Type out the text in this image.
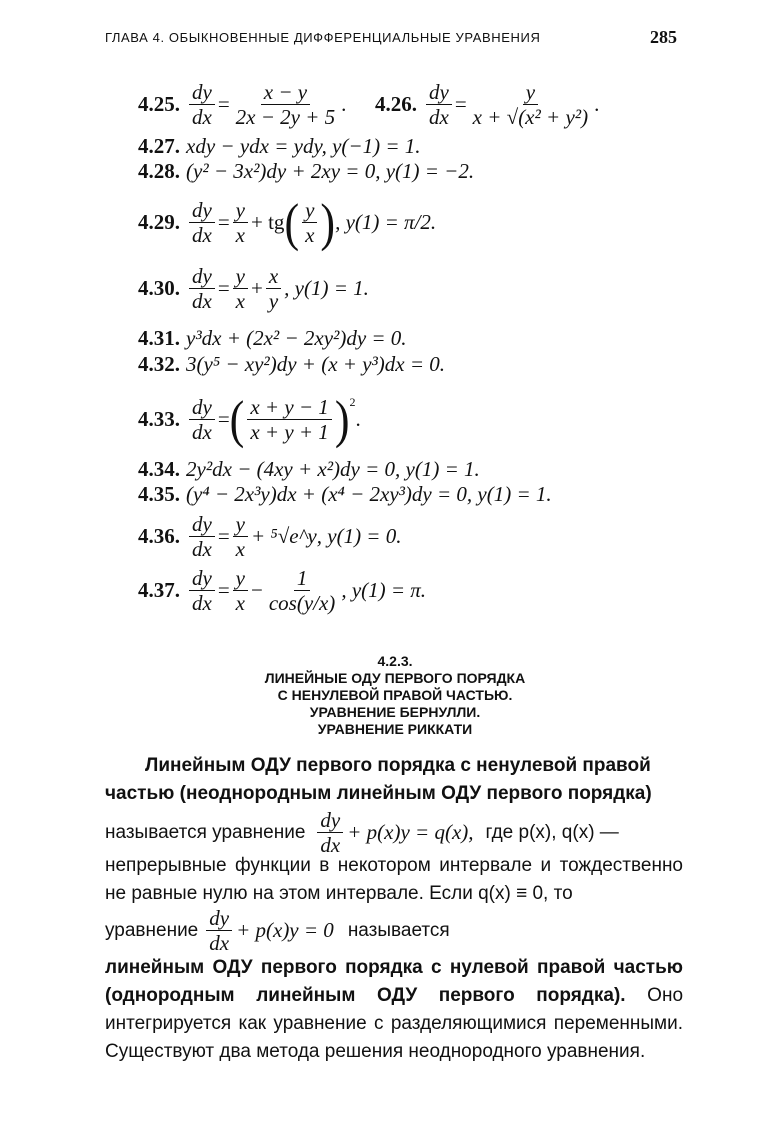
ГЛАВА 4. ОБЫКНОВЕННЫЕ ДИФФЕРЕНЦИАЛЬНЫЕ УРАВНЕНИЯ	285
4.25. $\frac{dy}{dx} = \frac{x - y}{2x - 2y + 5}$ . 4.26. $\frac{dy}{dx} = \frac{y}{\text{x + √(x² + y²)}}$ .
4.27. xdy − ydx = ydy, y(−1) = 1.
4.28. (y² − 3x²)dy + 2xy = 0, y(1) = −2.
4.29. $\frac{dy}{dx} = \frac{y}{x}$ + tg ( $\frac{y}{x}$ ) , y(1) = π/2.
4.30. $\frac{dy}{dx} = \frac{y}{x} + \frac{x}{y}$ , y(1) = 1.
4.31. y³dx + (2x² − 2xy²)dy = 0.
4.32. 3(y⁵ − xy²)dy + (x + y³)dx = 0.
4.33. $\frac{dy}{dx}$ = ( $\frac{x + y - 1}{x + y + 1} )^2$
.
4.34. 2y²dx − (4xy + x²)dy = 0, y(1) = 1.
4.35. (y⁴ − 2x³y)dx + (x⁴ − 2xy³)dy = 0, y(1) = 1.
4.36. $\frac{dy}{dx} = \frac{y}{x}$ + ⁵√e^y , y(1) = 0.
4.37. $\frac{dy}{dx} = \frac{y}{x} - \frac{1}{\cos(y/x)}$ , y(1) = π.
4.2.3.
ЛИНЕЙНЫЕ ОДУ ПЕРВОГО ПОРЯДКА
С НЕНУЛЕВОЙ ПРАВОЙ ЧАСТЬЮ.
УРАВНЕНИЕ БЕРНУЛЛИ.
УРАВНЕНИЕ РИККАТИ
Линейным ОДУ первого порядка с ненулевой правой частью (неоднородным линейным ОДУ первого порядка)
называется уравнение $\frac{dy}{dx} + p(x)y = q(x)$, где p(x), q(x) —
непрерывные функции в некотором интервале и тождественно не равные нулю на этом интервале. Если q(x) ≡ 0, то
уравнение $\frac{dy}{dx} + p(x)y = 0$ называется
линейным ОДУ первого порядка с нулевой правой частью (однородным линейным ОДУ первого порядка). Оно интегрируется как уравнение с разделяющимися переменными. Существуют два метода решения неоднородного уравнения.
